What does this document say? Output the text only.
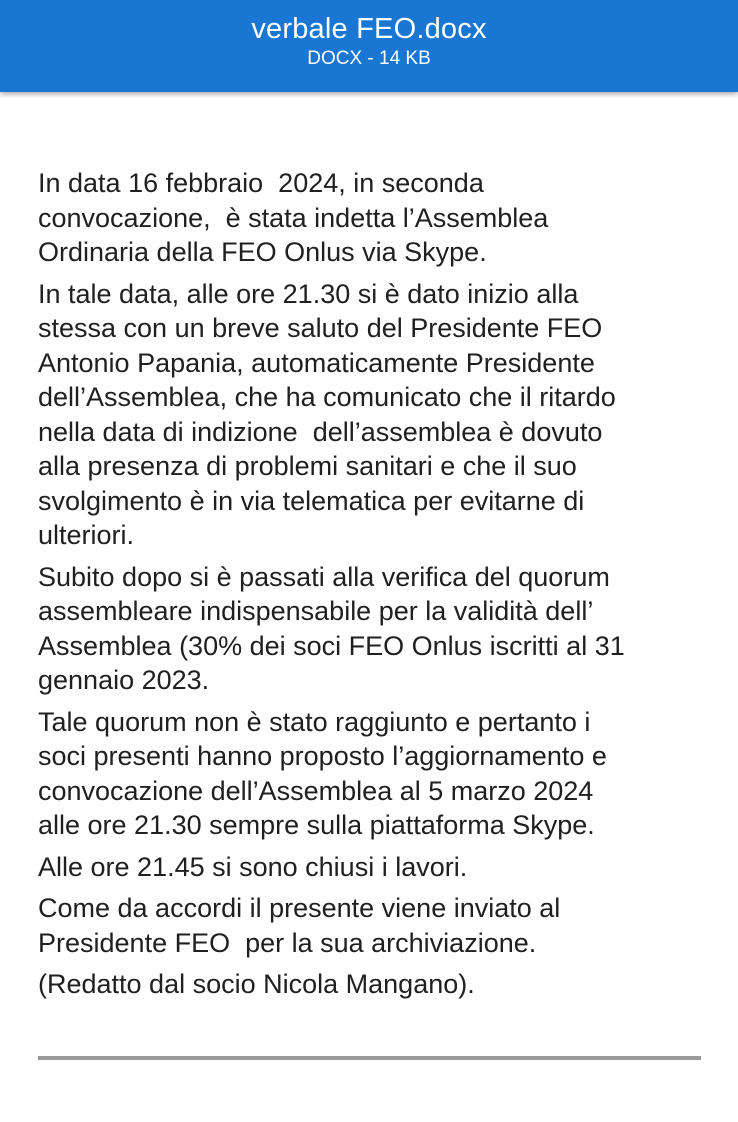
verbale FEO.docx
DOCX - 14 KB

In data 16 febbraio  2024, in seconda
convocazione,  è stata indetta l’Assemblea
Ordinaria della FEO Onlus via Skype.

In tale data, alle ore 21.30 si è dato inizio alla
stessa con un breve saluto del Presidente FEO
Antonio Papania, automaticamente Presidente
dell’Assemblea, che ha comunicato che il ritardo
nella data di indizione  dell’assemblea è dovuto
alla presenza di problemi sanitari e che il suo
svolgimento è in via telematica per evitarne di
ulteriori.

Subito dopo si è passati alla verifica del quorum
assembleare indispensabile per la validità dell’
Assemblea (30% dei soci FEO Onlus iscritti al 31
gennaio 2023.

Tale quorum non è stato raggiunto e pertanto i
soci presenti hanno proposto l’aggiornamento e
convocazione dell’Assemblea al 5 marzo 2024
alle ore 21.30 sempre sulla piattaforma Skype.

Alle ore 21.45 si sono chiusi i lavori.

Come da accordi il presente viene inviato al
Presidente FEO  per la sua archiviazione.

(Redatto dal socio Nicola Mangano).
